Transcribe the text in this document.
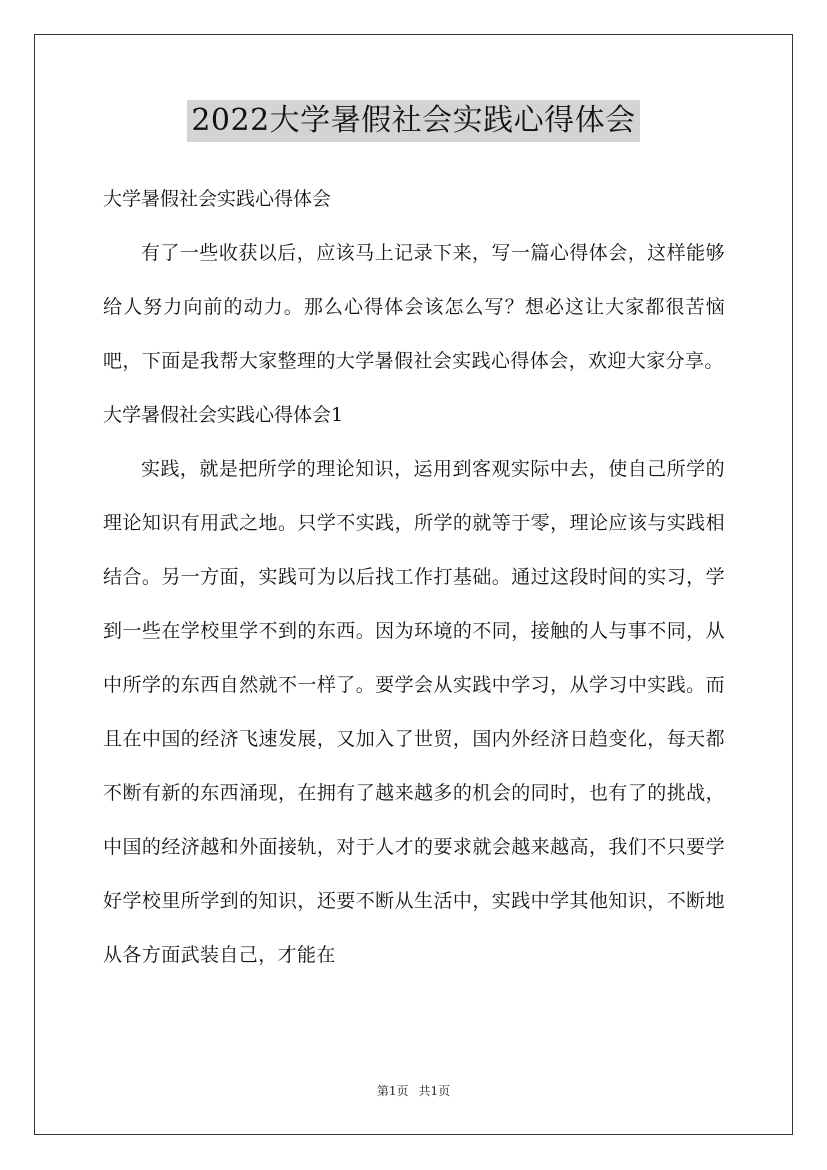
2022大学暑假社会实践心得体会

大学暑假社会实践心得体会

有了一些收获以后，应该马上记录下来，写一篇心得体会，这样能够给人努力向前的动力。那么心得体会该怎么写？想必这让大家都很苦恼吧，下面是我帮大家整理的大学暑假社会实践心得体会，欢迎大家分享。

大学暑假社会实践心得体会1

实践，就是把所学的理论知识，运用到客观实际中去，使自己所学的理论知识有用武之地。只学不实践，所学的就等于零，理论应该与实践相结合。另一方面，实践可为以后找工作打基础。通过这段时间的实习，学到一些在学校里学不到的东西。因为环境的不同，接触的人与事不同，从中所学的东西自然就不一样了。要学会从实践中学习，从学习中实践。而且在中国的经济飞速发展，又加入了世贸，国内外经济日趋变化，每天都不断有新的东西涌现，在拥有了越来越多的机会的同时，也有了的挑战，中国的经济越和外面接轨，对于人才的要求就会越来越高，我们不只要学好学校里所学到的知识，还要不断从生活中，实践中学其他知识，不断地从各方面武装自己，才能在

第1页 共1页
